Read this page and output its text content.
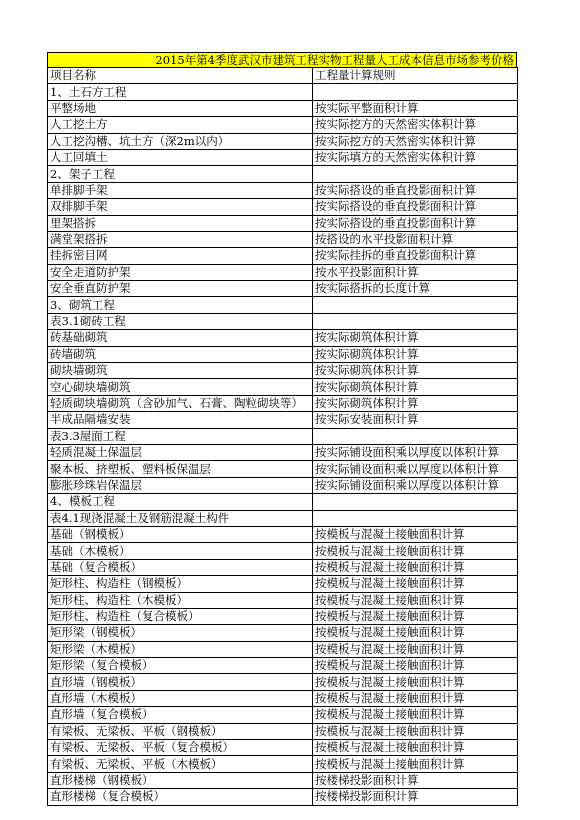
2015年第4季度武汉市建筑工程实物工程量人工成本信息市场参考价格
项目名称	工程量计算规则
1、土石方工程	
平整场地	按实际平整面积计算
人工挖土方	按实际挖方的天然密实体积计算
人工挖沟槽、坑土方（深2m以内）	按实际挖方的天然密实体积计算
人工回填土	按实际填方的天然密实体积计算
2、架子工程	
单排脚手架	按实际搭设的垂直投影面积计算
双排脚手架	按实际搭设的垂直投影面积计算
里架搭拆	按实际搭设的垂直投影面积计算
满堂架搭拆	按搭设的水平投影面积计算
挂拆密目网	按实际挂拆的垂直投影面积计算
安全走道防护架	按水平投影面积计算
安全垂直防护架	按实际搭拆的长度计算
3、砌筑工程	
表3.1砌砖工程	
砖基础砌筑	按实际砌筑体积计算
砖墙砌筑	按实际砌筑体积计算
砌块墙砌筑	按实际砌筑体积计算
空心砌块墙砌筑	按实际砌筑体积计算
轻质砌块墙砌筑（含砂加气、石膏、陶粒砌块等）	按实际砌筑体积计算
半成品隔墙安装	按实际安装面积计算
表3.3屋面工程	
轻质混凝土保温层	按实际铺设面积乘以厚度以体积计算
聚本板、挤塑板、塑料板保温层	按实际铺设面积乘以厚度以体积计算
膨胀珍珠岩保温层	按实际铺设面积乘以厚度以体积计算
4、模板工程	
表4.1现浇混凝土及钢筋混凝土构件	
基础（钢模板）	按模板与混凝土接触面积计算
基础（木模板）	按模板与混凝土接触面积计算
基础（复合模板）	按模板与混凝土接触面积计算
矩形柱、构造柱（钢模板）	按模板与混凝土接触面积计算
矩形柱、构造柱（木模板）	按模板与混凝土接触面积计算
矩形柱、构造柱（复合模板）	按模板与混凝土接触面积计算
矩形梁（钢模板）	按模板与混凝土接触面积计算
矩形梁（木模板）	按模板与混凝土接触面积计算
矩形梁（复合模板）	按模板与混凝土接触面积计算
直形墙（钢模板）	按模板与混凝土接触面积计算
直形墙（木模板）	按模板与混凝土接触面积计算
直形墙（复合模板）	按模板与混凝土接触面积计算
有梁板、无梁板、平板（钢模板）	按模板与混凝土接触面积计算
有梁板、无梁板、平板（复合模板）	按模板与混凝土接触面积计算
有梁板、无梁板、平板（木模板）	按模板与混凝土接触面积计算
直形楼梯（钢模板）	按楼梯投影面积计算
直形楼梯（复合模板）	按楼梯投影面积计算
